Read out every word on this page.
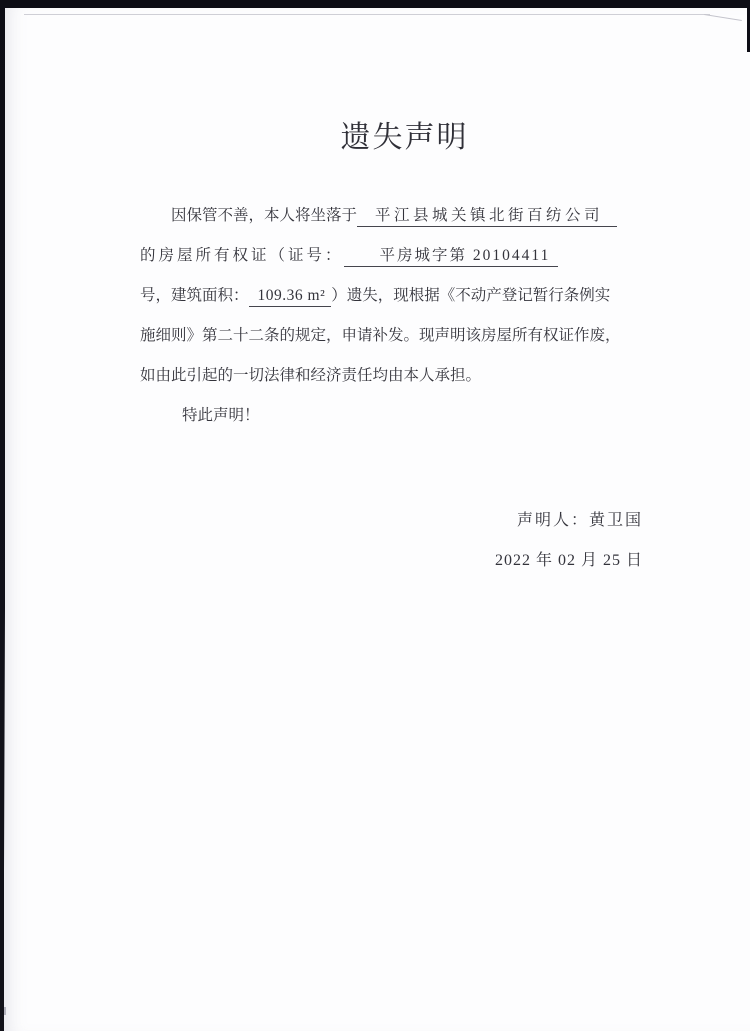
遗失声明
因保管不善，本人将坐落于 平江县城关镇北街百纺公司
的房屋所有权证（证号： 平房城字第 20104411
号，建筑面积： 109.36 m² ）遗失，现根据《不动产登记暂行条例实
施细则》第二十二条的规定，申请补发。现声明该房屋所有权证作废，
如由此引起的一切法律和经济责任均由本人承担。
特此声明！
声明人：黄卫国
2022 年 02 月 25 日
